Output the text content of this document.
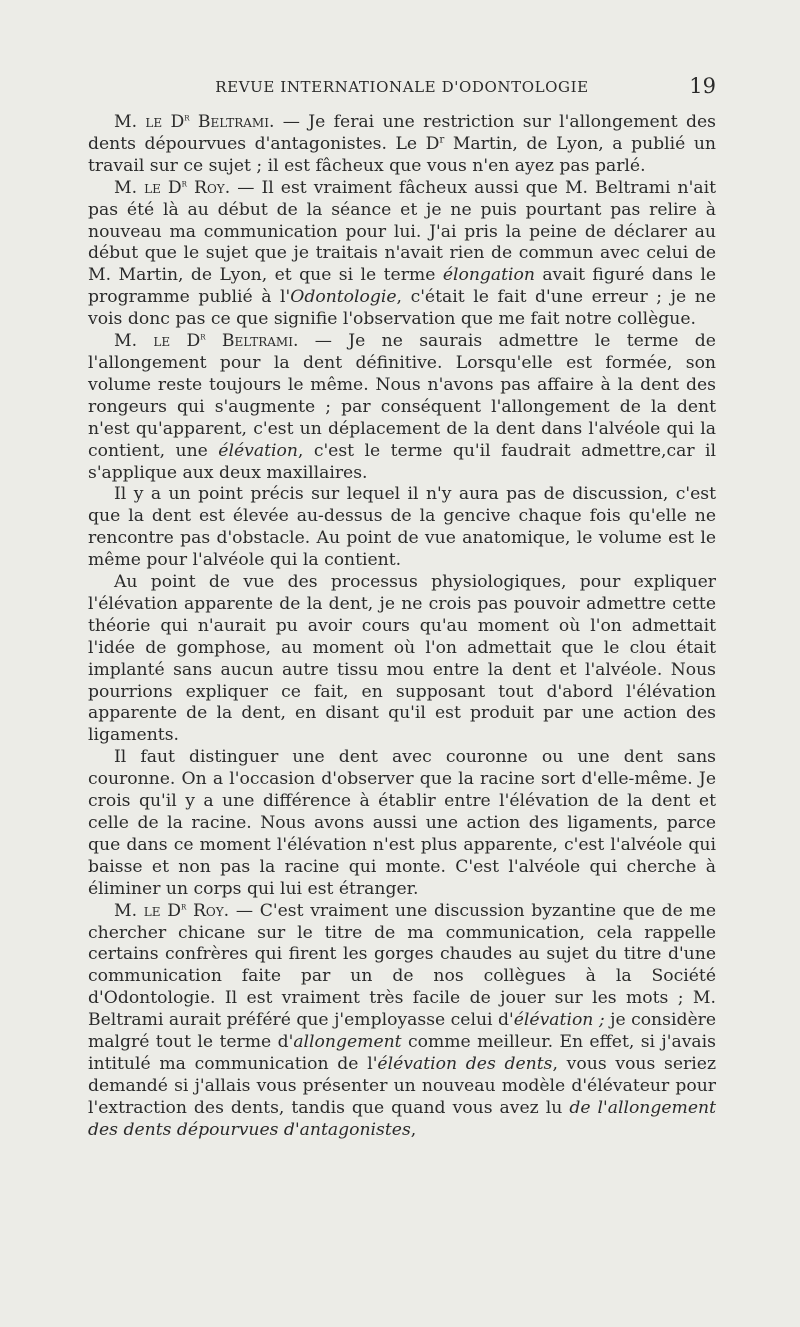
REVUE INTERNATIONALE D'ODONTOLOGIE	19

M. le $D^r$ Beltrami. — Je ferai une restriction sur l'allongement des dents dépourvues d'antagonistes. Le $D^r$ Martin, de Lyon, a publié un travail sur ce sujet ; il est fâcheux que vous n'en ayez pas parlé.

M. le $D^r$ Roy. — Il est vraiment fâcheux aussi que M. Beltrami n'ait pas été là au début de la séance et je ne puis pourtant pas relire à nouveau ma communication pour lui. J'ai pris la peine de déclarer au début que le sujet que je traitais n'avait rien de commun avec celui de M. Martin, de Lyon, et que si le terme élongation avait figuré dans le programme publié à l'Odontologie, c'était le fait d'une erreur ; je ne vois donc pas ce que signifie l'observation que me fait notre collègue.

M. le $D^r$ Beltrami. — Je ne saurais admettre le terme de l'allongement pour la dent définitive. Lorsqu'elle est formée, son volume reste toujours le même. Nous n'avons pas affaire à la dent des rongeurs qui s'augmente ; par conséquent l'allongement de la dent n'est qu'apparent, c'est un déplacement de la dent dans l'alvéole qui la contient, une élévation, c'est le terme qu'il faudrait admettre,car il s'applique aux deux maxillaires.

Il y a un point précis sur lequel il n'y aura pas de discussion, c'est que la dent est élevée au-dessus de la gencive chaque fois qu'elle ne rencontre pas d'obstacle. Au point de vue anatomique, le volume est le même pour l'alvéole qui la contient.

Au point de vue des processus physiologiques, pour expliquer l'élévation apparente de la dent, je ne crois pas pouvoir admettre cette théorie qui n'aurait pu avoir cours qu'au moment où l'on admettait l'idée de gomphose, au moment où l'on admettait que le clou était implanté sans aucun autre tissu mou entre la dent et l'alvéole. Nous pourrions expliquer ce fait, en supposant tout d'abord l'élévation apparente de la dent, en disant qu'il est produit par une action des ligaments.

Il faut distinguer une dent avec couronne ou une dent sans couronne. On a l'occasion d'observer que la racine sort d'elle-même. Je crois qu'il y a une différence à établir entre l'élévation de la dent et celle de la racine. Nous avons aussi une action des ligaments, parce que dans ce moment l'élévation n'est plus apparente, c'est l'alvéole qui baisse et non pas la racine qui monte. C'est l'alvéole qui cherche à éliminer un corps qui lui est étranger.

M. le $D^r$ Roy. — C'est vraiment une discussion byzantine que de me chercher chicane sur le titre de ma communication, cela rappelle certains confrères qui firent les gorges chaudes au sujet du titre d'une communication faite par un de nos collègues à la Société d'Odontologie. Il est vraiment très facile de jouer sur les mots ; M. Beltrami aurait préféré que j'employasse celui d'élévation ; je considère malgré tout le terme d'allongement comme meilleur. En effet, si j'avais intitulé ma communication de l'élévation des dents, vous vous seriez demandé si j'allais vous présenter un nouveau modèle d'élévateur pour l'extraction des dents, tandis que quand vous avez lu de l'allongement des dents dépourvues d'antagonistes,
